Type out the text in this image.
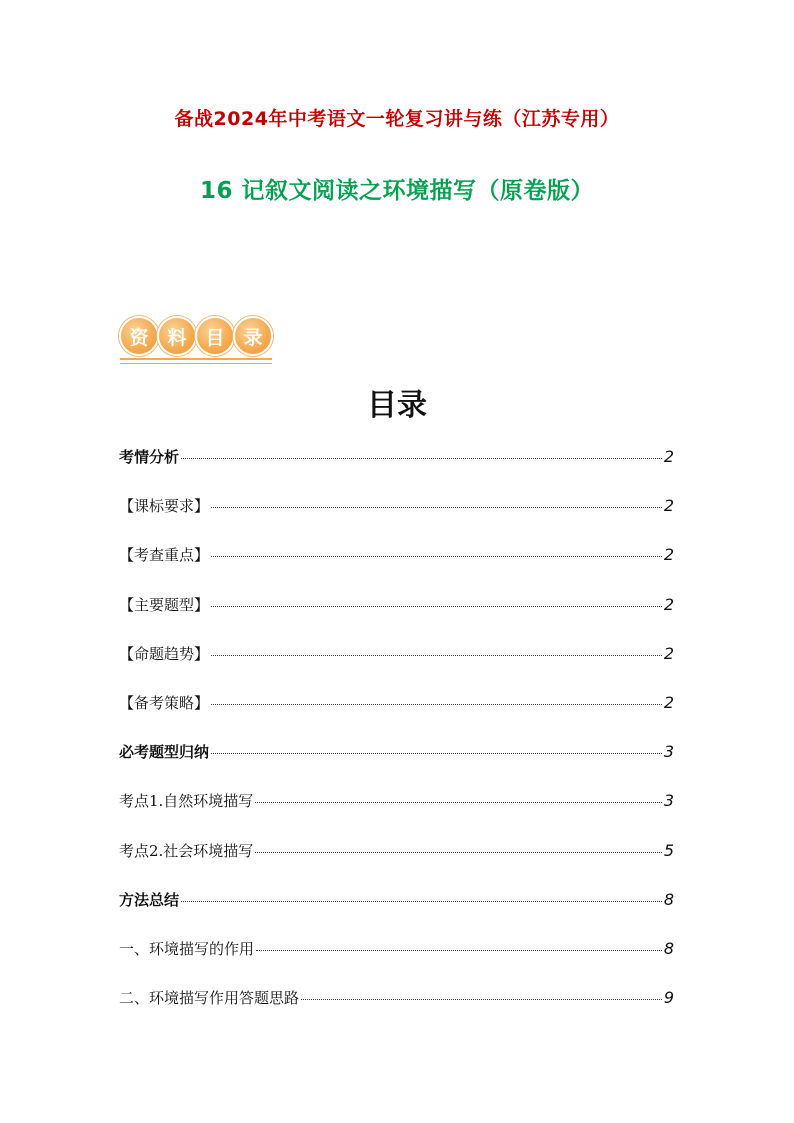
备战2024年中考语文一轮复习讲与练（江苏专用）
16 记叙文阅读之环境描写（原卷版）
资 料 目 录
目录
考情分析	2
【课标要求】	2
【考查重点】	2
【主要题型】	2
【命题趋势】	2
【备考策略】	2
必考题型归纳	3
考点1.自然环境描写	3
考点2.社会环境描写	5
方法总结	8
一、环境描写的作用	8
二、环境描写作用答题思路	9
